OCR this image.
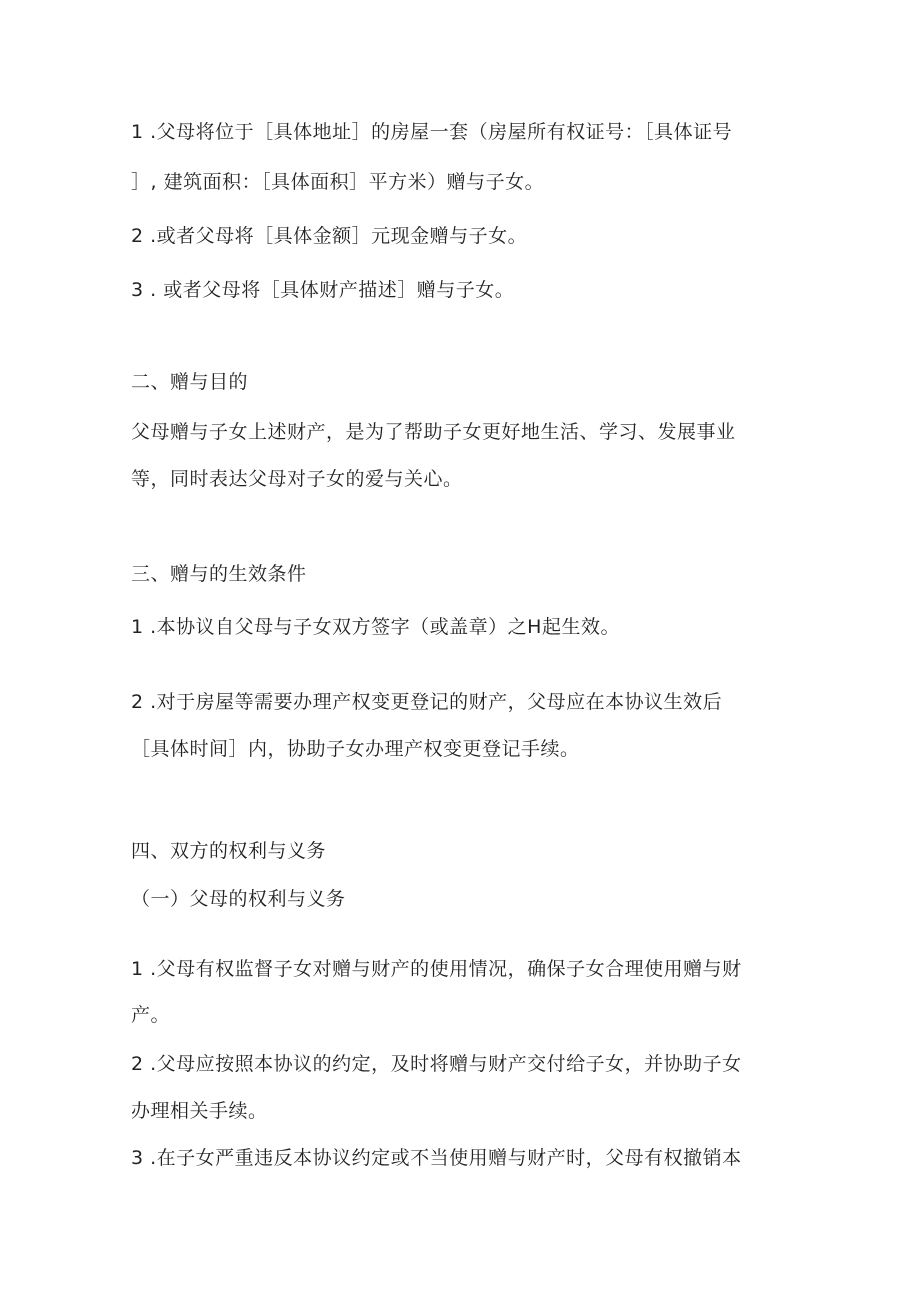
1 .父母将位于［具体地址］的房屋一套（房屋所有权证号：［具体证号
］, 建筑面积：［具体面积］平方米）赠与子女。
2 .或者父母将［具体金额］元现金赠与子女。
3 . 或者父母将［具体财产描述］赠与子女。
二、赠与目的
父母赠与子女上述财产，是为了帮助子女更好地生活、学习、发展事业
等，同时表达父母对子女的爱与关心。
三、赠与的生效条件
1 .本协议自父母与子女双方签字（或盖章）之H起生效。
2 .对于房屋等需要办理产权变更登记的财产，父母应在本协议生效后
［具体时间］内，协助子女办理产权变更登记手续。
四、双方的权利与义务
（一）父母的权利与义务
1 .父母有权监督子女对赠与财产的使用情况，确保子女合理使用赠与财
产。
2 .父母应按照本协议的约定，及时将赠与财产交付给子女，并协助子女
办理相关手续。
3 .在子女严重违反本协议约定或不当使用赠与财产时，父母有权撤销本
